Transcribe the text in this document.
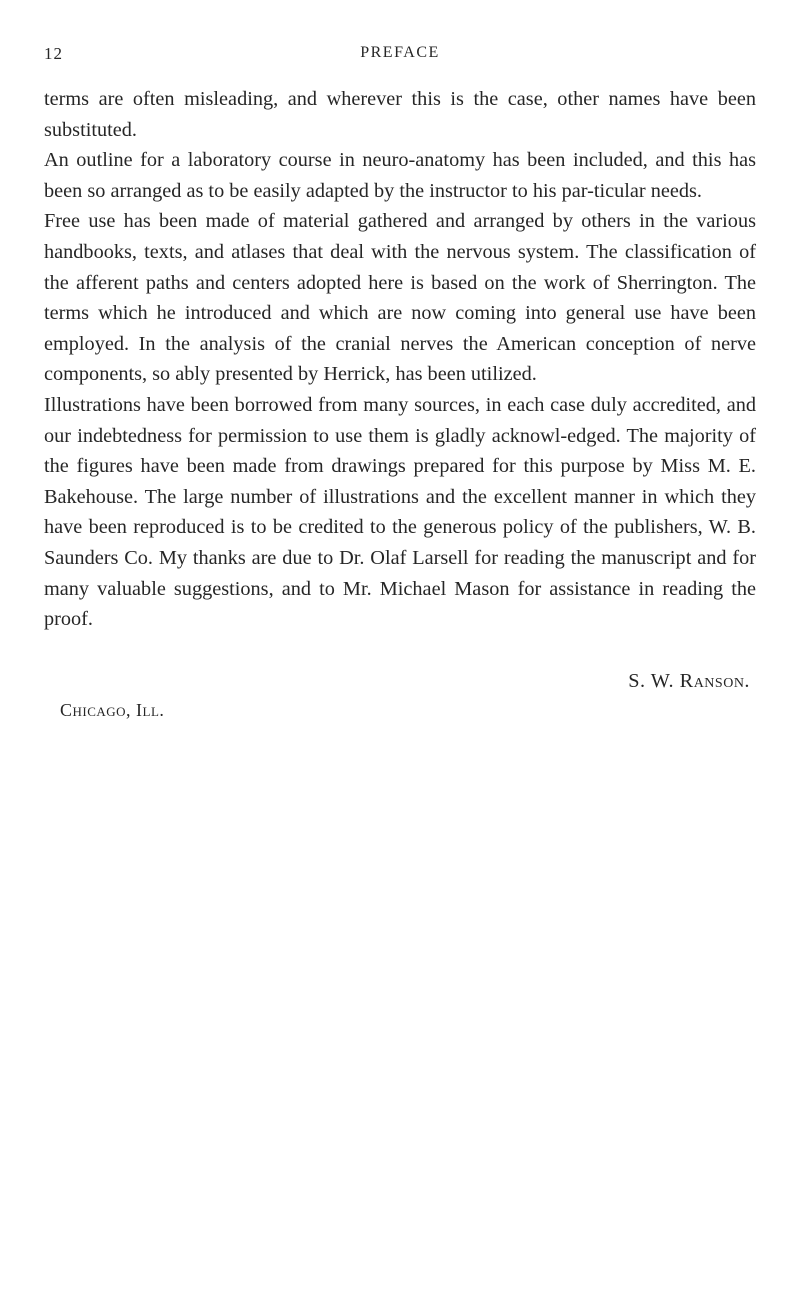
12	PREFACE

terms are often misleading, and wherever this is the case, other names have been substituted.

An outline for a laboratory course in neuro-anatomy has been included, and this has been so arranged as to be easily adapted by the instructor to his par-ticular needs.

Free use has been made of material gathered and arranged by others in the various handbooks, texts, and atlases that deal with the nervous system. The classification of the afferent paths and centers adopted here is based on the work of Sherrington. The terms which he introduced and which are now coming into general use have been employed. In the analysis of the cranial nerves the American conception of nerve components, so ably presented by Herrick, has been utilized.

Illustrations have been borrowed from many sources, in each case duly accredited, and our indebtedness for permission to use them is gladly acknowl-edged. The majority of the figures have been made from drawings prepared for this purpose by Miss M. E. Bakehouse. The large number of illustrations and the excellent manner in which they have been reproduced is to be credited to the generous policy of the publishers, W. B. Saunders Co. My thanks are due to Dr. Olaf Larsell for reading the manuscript and for many valuable suggestions, and to Mr. Michael Mason for assistance in reading the proof.

S. W. Ranson.
Chicago, Ill.
